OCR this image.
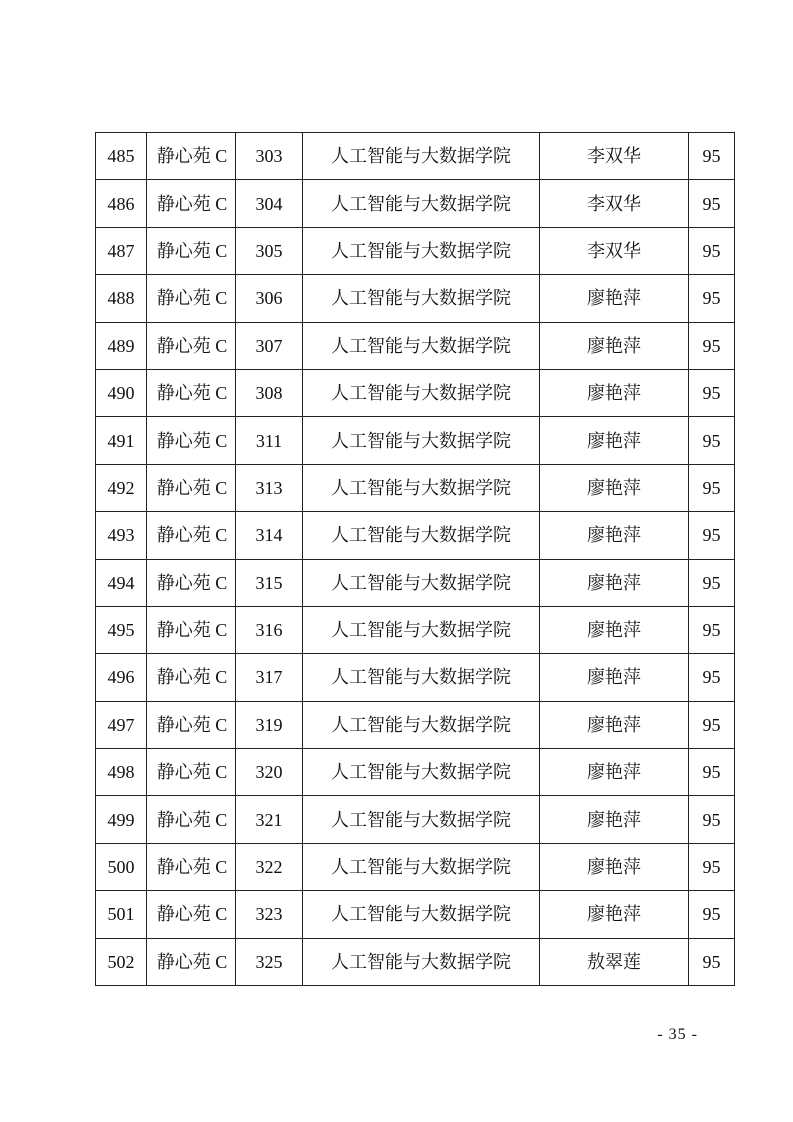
485	静心苑 C	303	人工智能与大数据学院	李双华	95
486	静心苑 C	304	人工智能与大数据学院	李双华	95
487	静心苑 C	305	人工智能与大数据学院	李双华	95
488	静心苑 C	306	人工智能与大数据学院	廖艳萍	95
489	静心苑 C	307	人工智能与大数据学院	廖艳萍	95
490	静心苑 C	308	人工智能与大数据学院	廖艳萍	95
491	静心苑 C	311	人工智能与大数据学院	廖艳萍	95
492	静心苑 C	313	人工智能与大数据学院	廖艳萍	95
493	静心苑 C	314	人工智能与大数据学院	廖艳萍	95
494	静心苑 C	315	人工智能与大数据学院	廖艳萍	95
495	静心苑 C	316	人工智能与大数据学院	廖艳萍	95
496	静心苑 C	317	人工智能与大数据学院	廖艳萍	95
497	静心苑 C	319	人工智能与大数据学院	廖艳萍	95
498	静心苑 C	320	人工智能与大数据学院	廖艳萍	95
499	静心苑 C	321	人工智能与大数据学院	廖艳萍	95
500	静心苑 C	322	人工智能与大数据学院	廖艳萍	95
501	静心苑 C	323	人工智能与大数据学院	廖艳萍	95
502	静心苑 C	325	人工智能与大数据学院	敖翠莲	95
- 35 -
